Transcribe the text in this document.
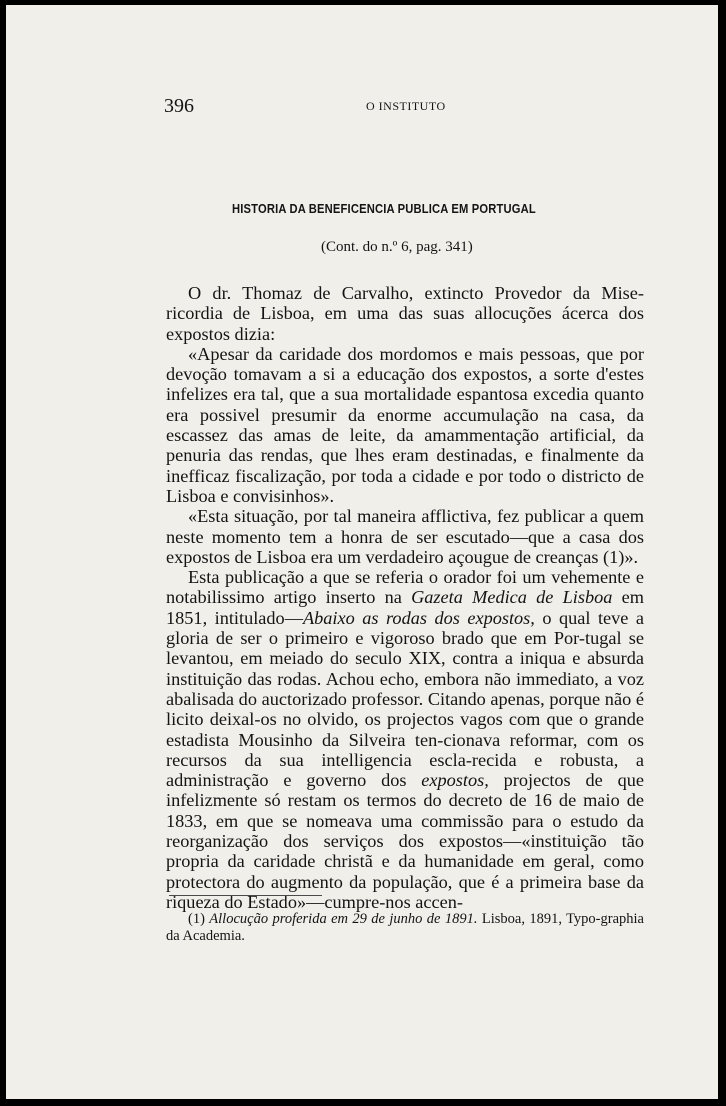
396	O INSTITUTO
HISTORIA DA BENEFICENCIA PUBLICA EM PORTUGAL
(Cont. do n.º 6, pag. 341)

O dr. Thomaz de Carvalho, extincto Provedor da Mise-ricordia de Lisboa, em uma das suas allocuções ácerca dos expostos dizia:

«Apesar da caridade dos mordomos e mais pessoas, que por devoção tomavam a si a educação dos expostos, a sorte d'estes infelizes era tal, que a sua mortalidade espantosa excedia quanto era possivel presumir da enorme accumulação na casa, da escassez das amas de leite, da amammentação artificial, da penuria das rendas, que lhes eram destinadas, e finalmente da inefficaz fiscalização, por toda a cidade e por todo o districto de Lisboa e convisinhos».

«Esta situação, por tal maneira afflictiva, fez publicar a quem neste momento tem a honra de ser escutado—que a casa dos expostos de Lisboa era um verdadeiro açougue de creanças (1)».

Esta publicação a que se referia o orador foi um vehemente e notabilissimo artigo inserto na Gazeta Medica de Lisboa em 1851, intitulado—Abaixo as rodas dos expostos, o qual teve a gloria de ser o primeiro e vigoroso brado que em Por-tugal se levantou, em meiado do seculo XIX, contra a iniqua e absurda instituição das rodas. Achou echo, embora não immediato, a voz abalisada do auctorizado professor. Citando apenas, porque não é licito deixal-os no olvido, os projectos vagos com que o grande estadista Mousinho da Silveira ten-cionava reformar, com os recursos da sua intelligencia escla-recida e robusta, a administração e governo dos expostos, projectos de que infelizmente só restam os termos do decreto de 16 de maio de 1833, em que se nomeava uma commissão para o estudo da reorganização dos serviços dos expostos—«instituição tão propria da caridade christã e da humanidade em geral, como protectora do augmento da população, que é a primeira base da riqueza do Estado»—cumpre-nos accen-

(1) Allocução proferida em 29 de junho de 1891. Lisboa, 1891, Typo-graphia da Academia.
